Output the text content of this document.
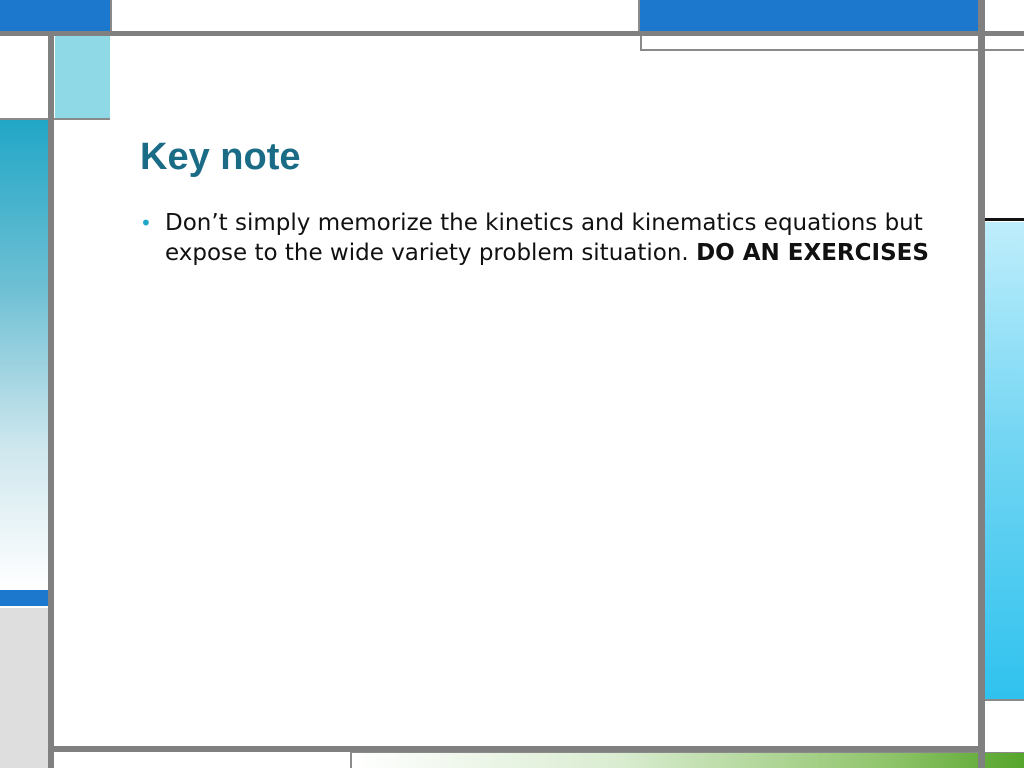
Key note
• Don’t simply memorize the kinetics and kinematics equations but expose to the wide variety problem situation. DO AN EXERCISES
